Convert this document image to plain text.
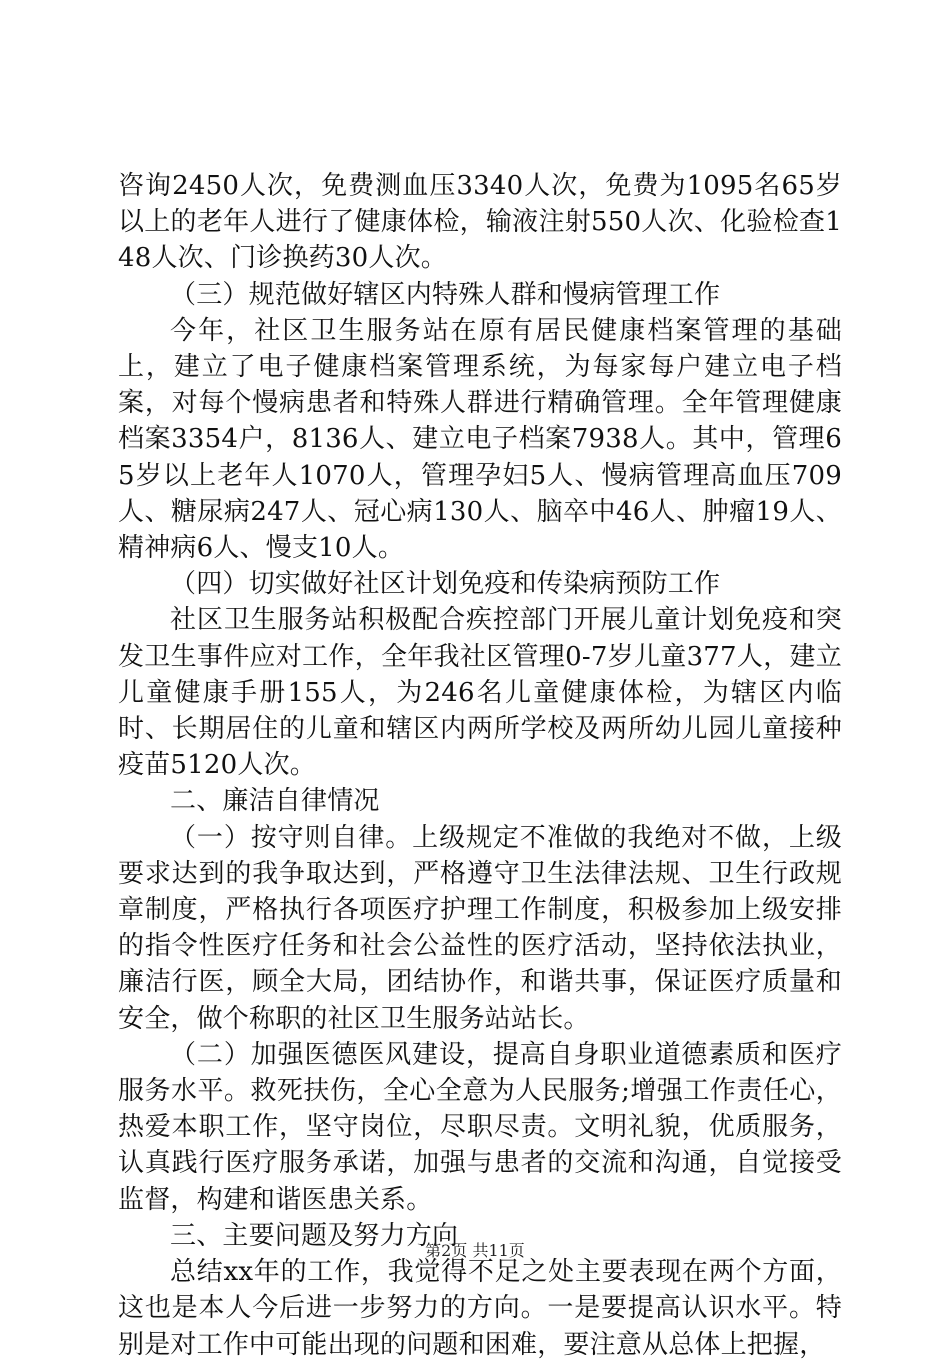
咨询2450人次，免费测血压3340人次，免费为1095名65岁以上的老年人进行了健康体检，输液注射550人次、化验检查148人次、门诊换药30人次。

（三）规范做好辖区内特殊人群和慢病管理工作

今年，社区卫生服务站在原有居民健康档案管理的基础上，建立了电子健康档案管理系统，为每家每户建立电子档案，对每个慢病患者和特殊人群进行精确管理。全年管理健康档案3354户，8136人、建立电子档案7938人。其中，管理65岁以上老年人1070人，管理孕妇5人、慢病管理高血压709人、糖尿病247人、冠心病130人、脑卒中46人、肿瘤19人、精神病6人、慢支10人。

（四）切实做好社区计划免疫和传染病预防工作

社区卫生服务站积极配合疾控部门开展儿童计划免疫和突发卫生事件应对工作，全年我社区管理0-7岁儿童377人，建立儿童健康手册155人，为246名儿童健康体检，为辖区内临时、长期居住的儿童和辖区内两所学校及两所幼儿园儿童接种疫苗5120人次。

二、廉洁自律情况

（一）按守则自律。上级规定不准做的我绝对不做，上级要求达到的我争取达到，严格遵守卫生法律法规、卫生行政规章制度，严格执行各项医疗护理工作制度，积极参加上级安排的指令性医疗任务和社会公益性的医疗活动，坚持依法执业，廉洁行医，顾全大局，团结协作，和谐共事，保证医疗质量和安全，做个称职的社区卫生服务站站长。

（二）加强医德医风建设，提高自身职业道德素质和医疗服务水平。救死扶伤，全心全意为人民服务;增强工作责任心，热爱本职工作，坚守岗位，尽职尽责。文明礼貌，优质服务，认真践行医疗服务承诺，加强与患者的交流和沟通，自觉接受监督，构建和谐医患关系。

三、主要问题及努力方向

总结xx年的工作，我觉得不足之处主要表现在两个方面，这也是本人今后进一步努力的方向。一是要提高认识水平。特别是对工作中可能出现的问题和困难，要注意从总体上把握，

第2页 共11页
